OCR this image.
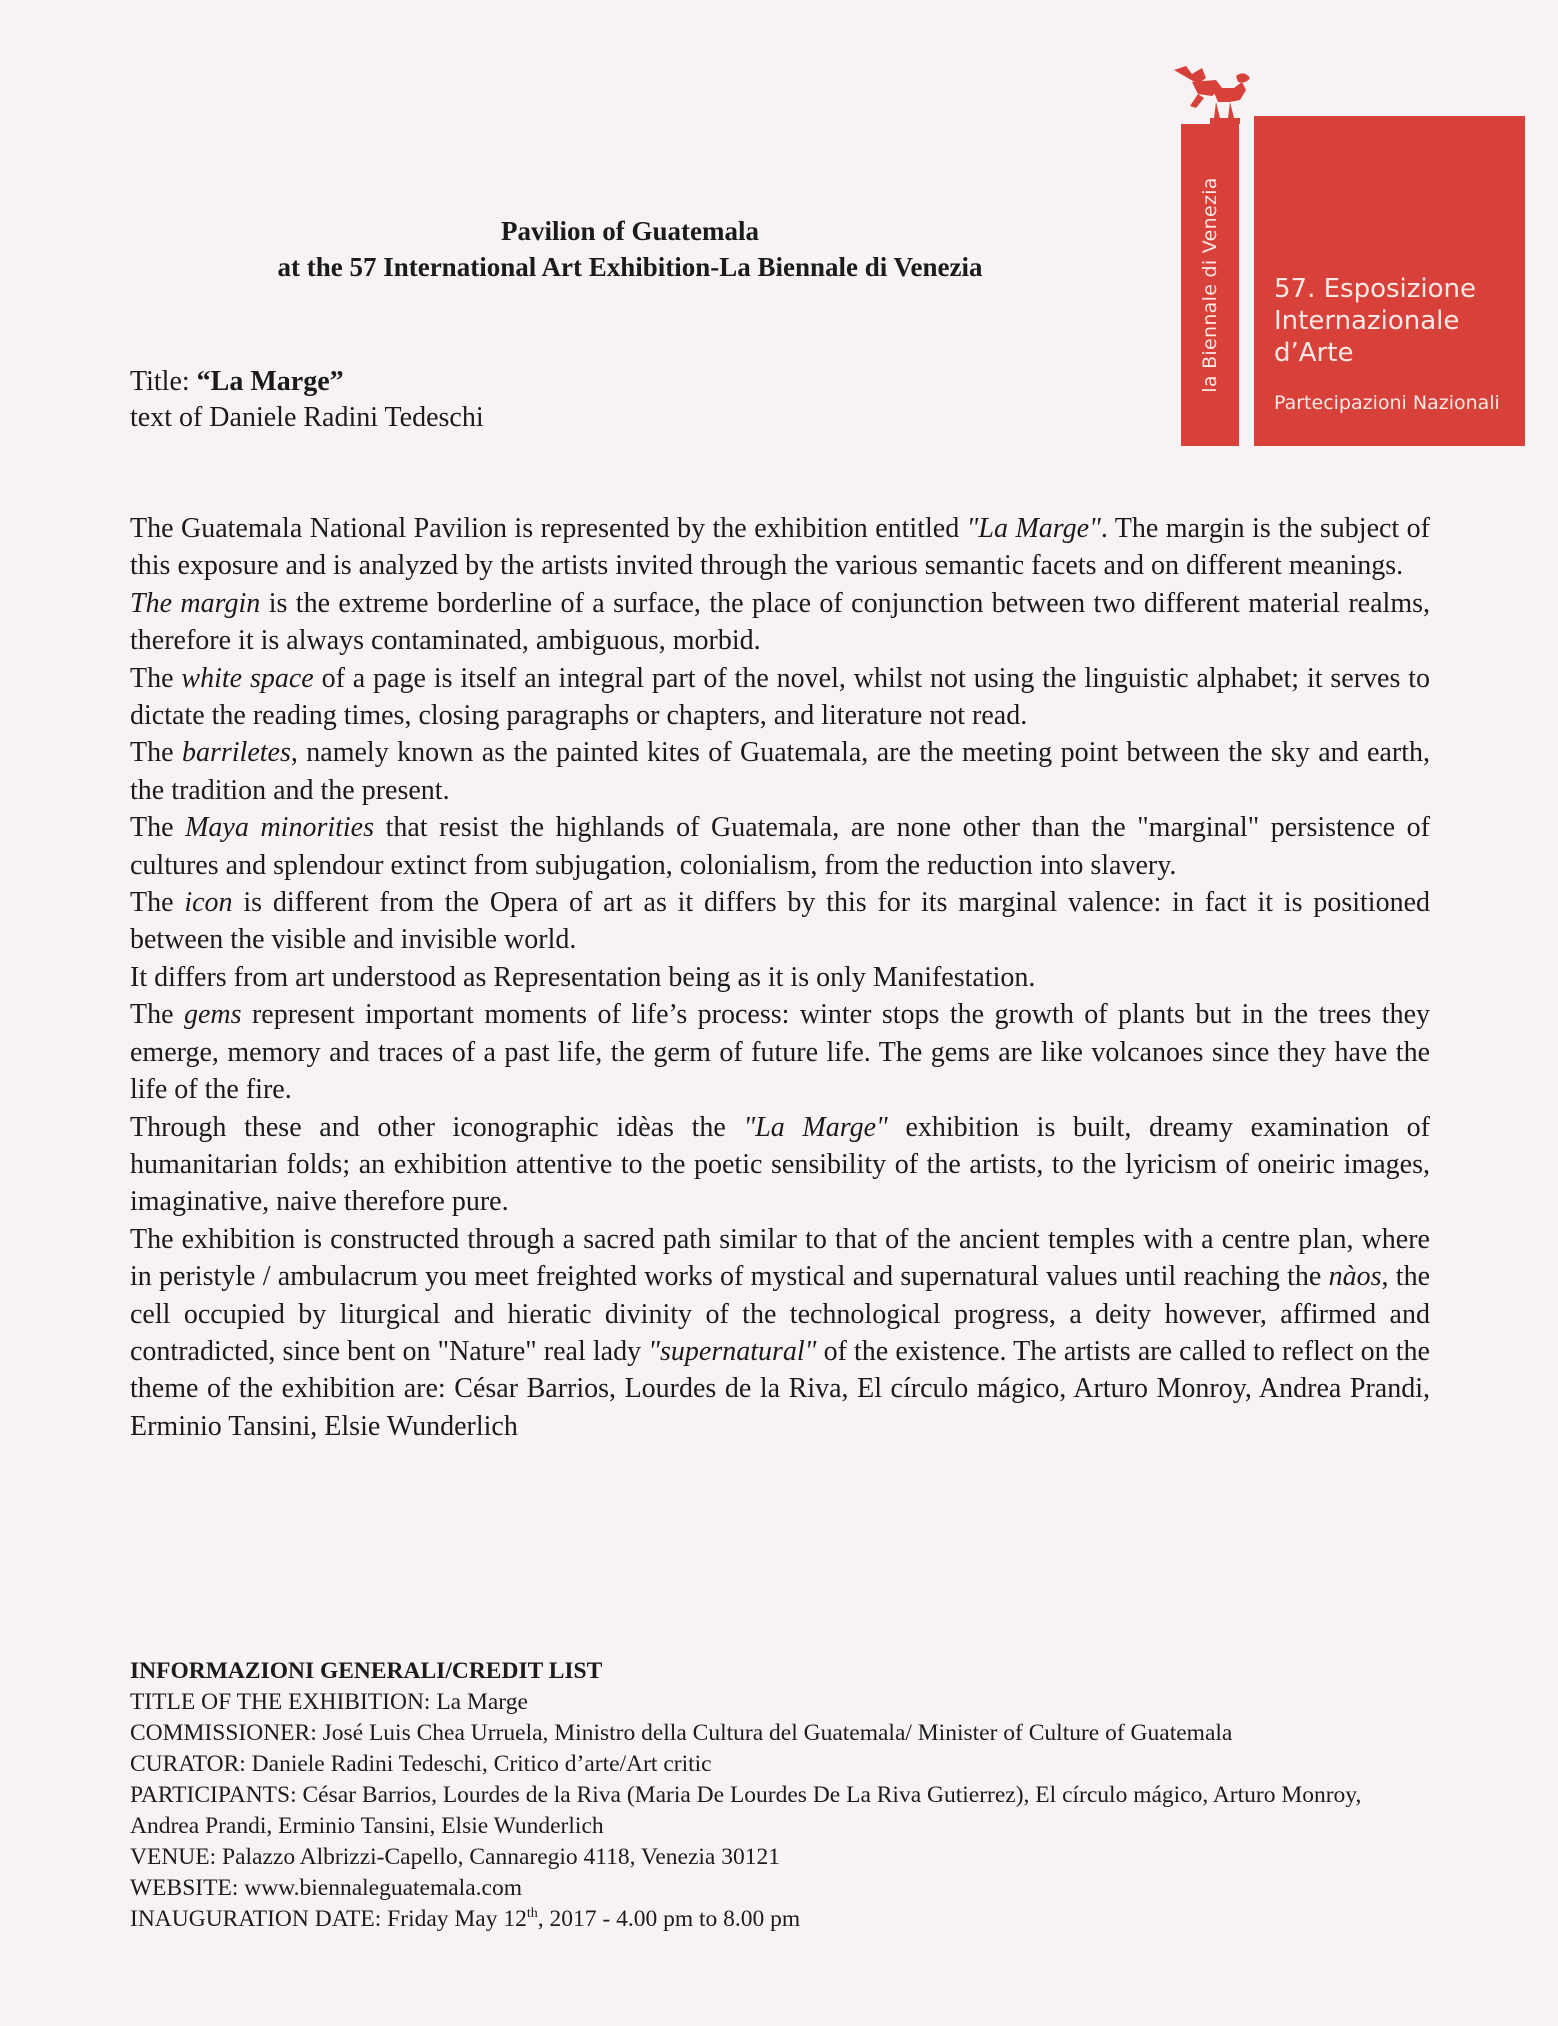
la Biennale di Venezia 57. Esposizione
Internazionale
d’Arte
Partecipazioni Nazionali
Pavilion of Guatemala
at the 57 International Art Exhibition-La Biennale di Venezia
Title: “La Marge”
text of Daniele Radini Tedeschi

The Guatemala National Pavilion is represented by the exhibition entitled "La Marge". The margin is the subject of this exposure and is analyzed by the artists invited through the various semantic facets and on different meanings.

The margin is the extreme borderline of a surface, the place of conjunction between two different material realms, therefore it is always contaminated, ambiguous, morbid.

The white space of a page is itself an integral part of the novel, whilst not using the linguistic alphabet; it serves to dictate the reading times, closing paragraphs or chapters, and literature not read.

The barriletes, namely known as the painted kites of Guatemala, are the meeting point between the sky and earth, the tradition and the present.

The Maya minorities that resist the highlands of Guatemala, are none other than the "marginal" persistence of cultures and splendour extinct from subjugation, colonialism, from the reduction into slavery.

The icon is different from the Opera of art as it differs by this for its marginal valence: in fact it is positioned between the visible and invisible world.

It differs from art understood as Representation being as it is only Manifestation.

The gems represent important moments of life’s process: winter stops the growth of plants but in the trees they emerge, memory and traces of a past life, the germ of future life. The gems are like volcanoes since they have the life of the fire.

Through these and other iconographic idèas the "La Marge" exhibition is built, dreamy examination of humanitarian folds; an exhibition attentive to the poetic sensibility of the artists, to the lyricism of oneiric images, imaginative, naive therefore pure.

The exhibition is constructed through a sacred path similar to that of the ancient temples with a centre plan, where in peristyle / ambulacrum you meet freighted works of mystical and supernatural values until reaching the nàos, the cell occupied by liturgical and hieratic divinity of the technological progress, a deity however, affirmed and contradicted, since bent on "Nature" real lady "supernatural" of the existence. The artists are called to reflect on the theme of the exhibition are: César Barrios, Lourdes de la Riva, El círculo mágico, Arturo Monroy, Andrea Prandi, Erminio Tansini, Elsie Wunderlich

INFORMAZIONI GENERALI/CREDIT LIST
TITLE OF THE EXHIBITION: La Marge
COMMISSIONER: José Luis Chea Urruela, Ministro della Cultura del Guatemala/ Minister of Culture of Guatemala
CURATOR: Daniele Radini Tedeschi, Critico d’arte/Art critic
PARTICIPANTS: César Barrios, Lourdes de la Riva (Maria De Lourdes De La Riva Gutierrez), El círculo mágico, Arturo Monroy, Andrea Prandi, Erminio Tansini, Elsie Wunderlich
VENUE: Palazzo Albrizzi-Capello, Cannaregio 4118, Venezia 30121
WEBSITE: www.biennaleguatemala.com
INAUGURATION DATE: Friday May 12th, 2017 - 4.00 pm to 8.00 pm
